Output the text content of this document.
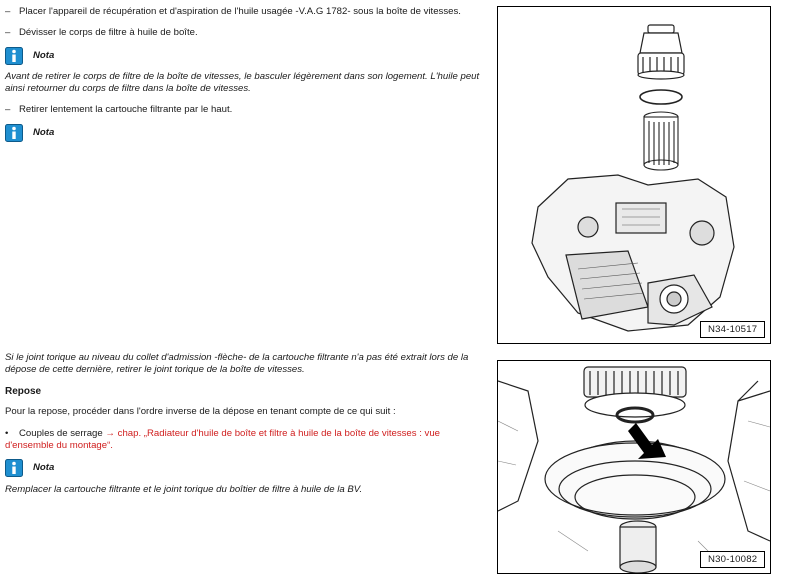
– Placer l'appareil de récupération et d'aspiration de l'huile usagée -V.A.G 1782- sous la boîte de vitesses.
– Dévisser le corps de filtre à huile de boîte.
Nota
Avant de retirer le corps de filtre de la boîte de vitesses, le basculer légèrement dans son logement. L'huile peut ainsi retourner du corps de filtre dans la boîte de vitesses.
– Retirer lentement la cartouche filtrante par le haut.
Nota
Si le joint torique au niveau du collet d'admission -flèche- de la cartouche filtrante n'a pas été extrait lors de la dépose de cette dernière, retirer le joint torique de la boîte de vitesses.
Repose
Pour la repose, procéder dans l'ordre inverse de la dépose en tenant compte de ce qui suit :
• Couples de serrage → chap. „Radiateur d'huile de boîte et filtre à huile de la boîte de vitesses : vue d'ensemble du montage“.
Nota
Remplacer la cartouche filtrante et le joint torique du boîtier de filtre à huile de la BV.
N34-10517
N30-10082
